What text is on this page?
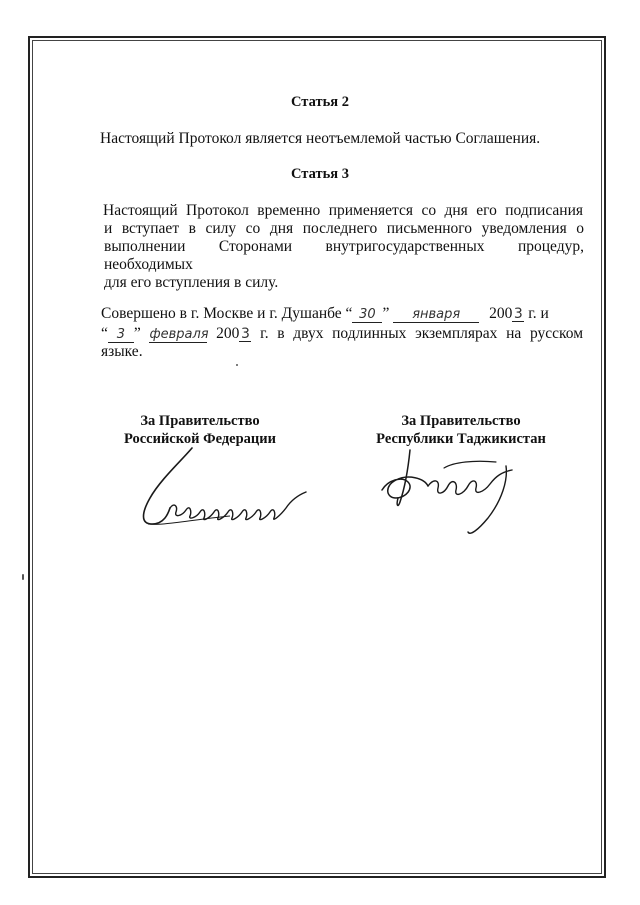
Статья 2
Настоящий Протокол является неотъемлемой частью Соглашения.
Статья 3
Настоящий Протокол временно применяется со дня его подписания
и вступает в силу со дня последнего письменного уведомления о
выполнении Сторонами внутригосударственных процедур, необходимых
для его вступления в силу.
Совершено в г. Москве и г. Душанбе “ 30 ” января 200 3 г. и
“ 3 ” февраля 200 3 г. в двух подлинных экземплярах на русском
языке.
За Правительство
Российской Федерации
За Правительство
Республики Таджикистан
